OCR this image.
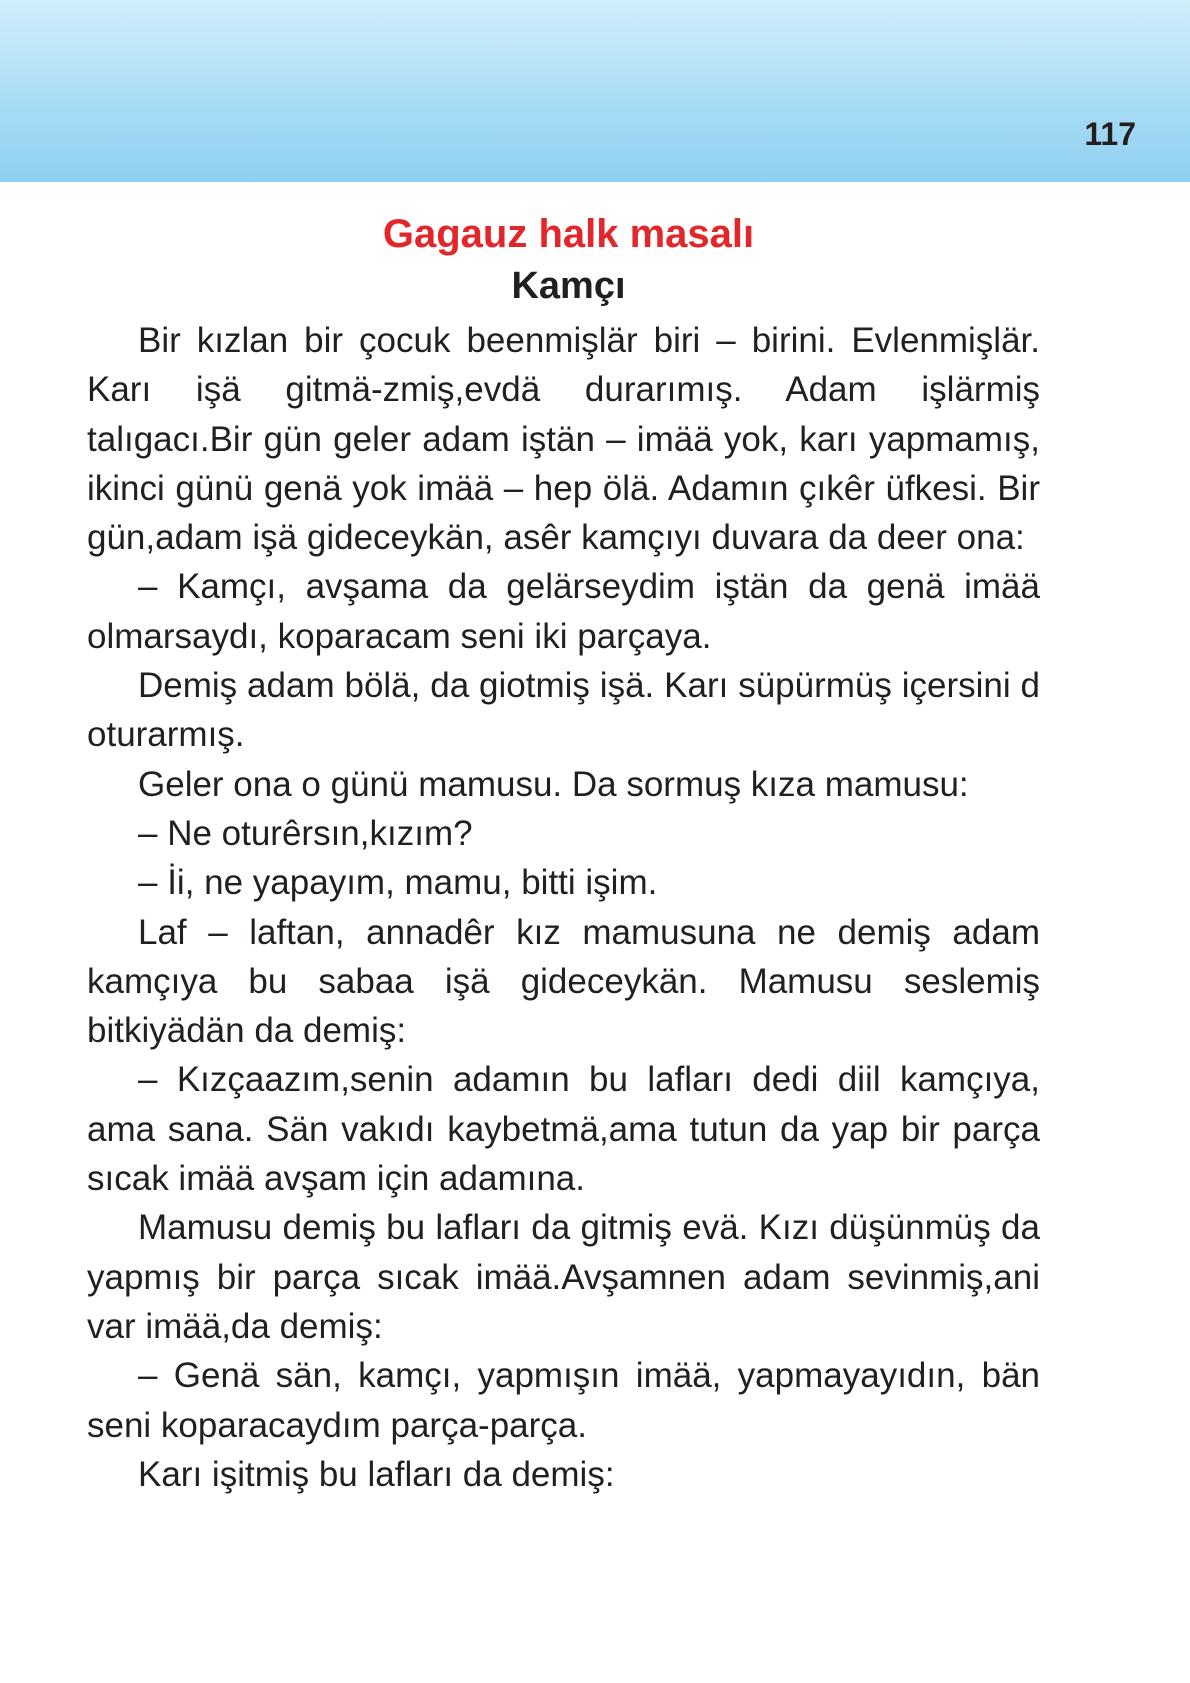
117
Gagauz halk masalı
Kamçı

Bir kızlan bir çocuk beenmişlär biri – birini. Evlenmişlär. Karı işä gitmä-zmiş,evdä durarımış. Adam işlärmiş talıgacı.Bir gün geler adam iştän – imää yok, karı yapmamış, ikinci günü genä yok imää – hep ölä. Adamın çıkêr üfkesi. Bir gün,adam işä gideceykän, asêr kamçıyı duvara da deer ona:

– Kamçı, avşama da gelärseydim iştän da genä imää olmarsaydı, koparacam seni iki parçaya.

Demiş adam bölä, da giotmiş işä. Karı süpürmüş içersini d oturarmış.

Geler ona o günü mamusu. Da sormuş kıza mamusu:

– Ne oturêrsın,kızım?

– İi, ne yapayım, mamu, bitti işim.

Laf – laftan, annadêr kız mamusuna ne demiş adam kamçıya bu sabaa işä gideceykän. Mamusu seslemiş bitkiyädän da demiş:

– Kızçaazım,senin adamın bu lafları dedi diil kamçıya, ama sana. Sän vakıdı kaybetmä,ama tutun da yap bir parça sıcak imää avşam için adamına.

Mamusu demiş bu lafları da gitmiş evä. Kızı düşünmüş da yapmış bir parça sıcak imää.Avşamnen adam sevinmiş,ani var imää,da demiş:

– Genä sän, kamçı, yapmışın imää, yapmayayıdın, bän seni koparacaydım parça-parça.

Karı işitmiş bu lafları da demiş:
